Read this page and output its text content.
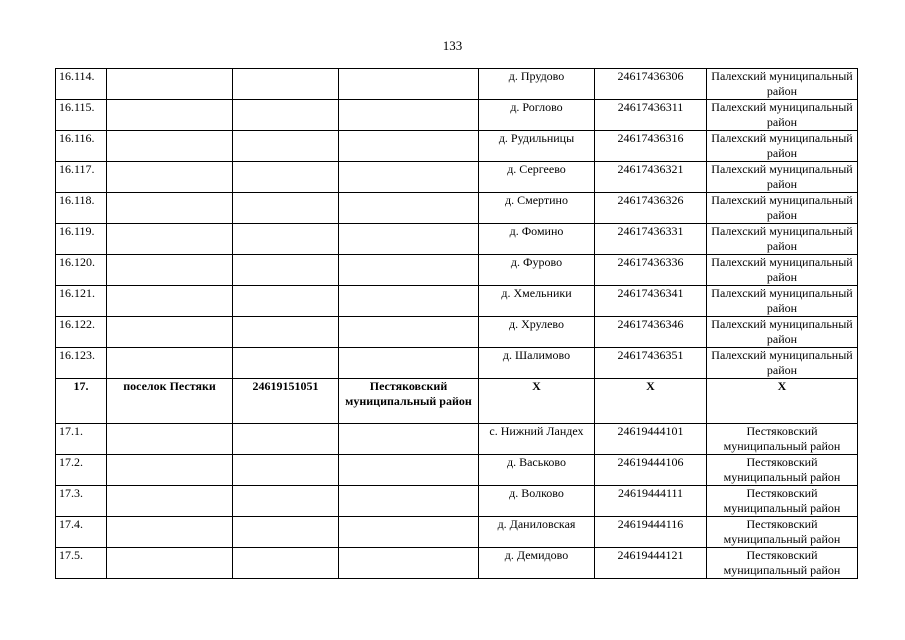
133
16.114.				д. Прудово	24617436306	Палехский муниципальный район
16.115.				д. Роглово	24617436311	Палехский муниципальный район
16.116.				д. Рудильницы	24617436316	Палехский муниципальный район
16.117.				д. Сергеево	24617436321	Палехский муниципальный район
16.118.				д. Смертино	24617436326	Палехский муниципальный район
16.119.				д. Фомино	24617436331	Палехский муниципальный район
16.120.				д. Фурово	24617436336	Палехский муниципальный район
16.121.				д. Хмельники	24617436341	Палехский муниципальный район
16.122.				д. Хрулево	24617436346	Палехский муниципальный район
16.123.				д. Шалимово	24617436351	Палехский муниципальный район
17.	поселок Пестяки	24619151051	Пестяковский муниципальный район	Х	Х	Х
17.1.				с. Нижний Ландех	24619444101	Пестяковский муниципальный район
17.2.				д. Васьково	24619444106	Пестяковский муниципальный район
17.3.				д. Волково	24619444111	Пестяковский муниципальный район
17.4.				д. Даниловская	24619444116	Пестяковский муниципальный район
17.5.				д. Демидово	24619444121	Пестяковский муниципальный район
